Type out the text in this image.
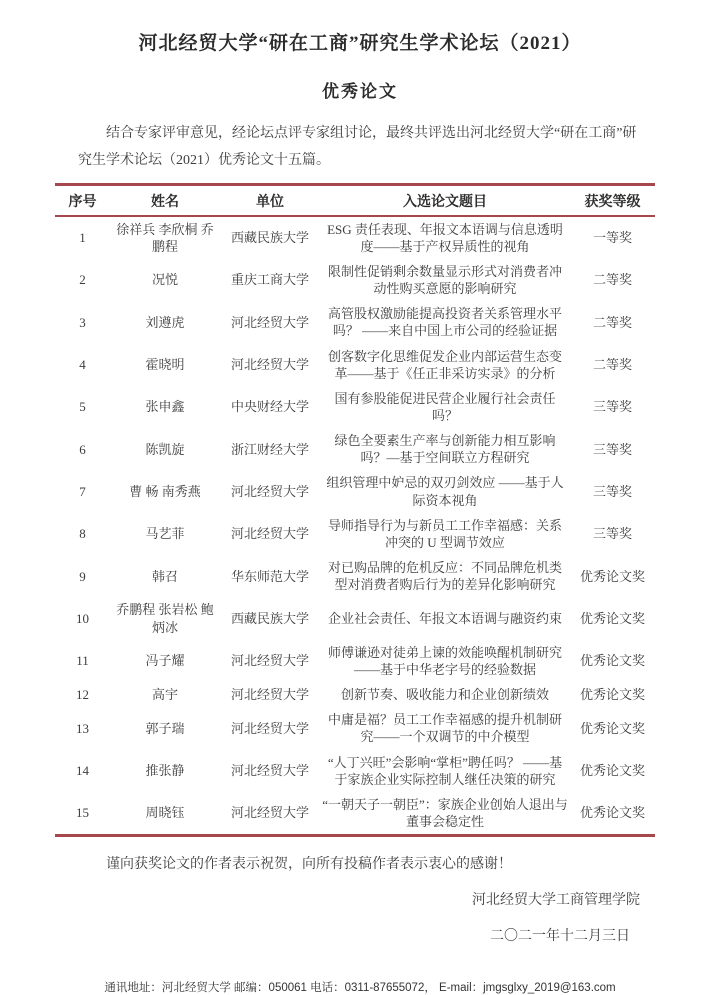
河北经贸大学“研在工商”研究生学术论坛（2021）
优秀论文

结合专家评审意见，经论坛点评专家组讨论，最终共评选出河北经贸大学“研在工商”研究生学术论坛（2021）优秀论文十五篇。

序号	姓名	单位	入选论文题目	获奖等级
1	徐祥兵 李欣桐 乔鹏程	西藏民族大学	ESG 责任表现、年报文本语调与信息透明度——基于产权异质性的视角	一等奖
2	况悦	重庆工商大学	限制性促销剩余数量显示形式对消费者冲动性购买意愿的影响研究	二等奖
3	刘遵虎	河北经贸大学	高管股权激励能提高投资者关系管理水平吗？ ——来自中国上市公司的经验证据	二等奖
4	霍晓明	河北经贸大学	创客数字化思维促发企业内部运营生态变革——基于《任正非采访实录》的分析	二等奖
5	张申鑫	中央财经大学	国有参股能促进民营企业履行社会责任吗？	三等奖
6	陈凯旋	浙江财经大学	绿色全要素生产率与创新能力相互影响吗？—基于空间联立方程研究	三等奖
7	曹 畅 南秀燕	河北经贸大学	组织管理中妒忌的双刃剑效应 ——基于人际资本视角	三等奖
8	马艺菲	河北经贸大学	导师指导行为与新员工工作幸福感：关系冲突的 U 型调节效应	三等奖
9	韩召	华东师范大学	对已购品牌的危机反应：不同品牌危机类型对消费者购后行为的差异化影响研究	优秀论文奖
10	乔鹏程 张岩松 鲍炳冰	西藏民族大学	企业社会责任、年报文本语调与融资约束	优秀论文奖
11	冯子耀	河北经贸大学	师傅谦逊对徒弟上谏的效能唤醒机制研究——基于中华老字号的经验数据	优秀论文奖
12	高宇	河北经贸大学	创新节奏、吸收能力和企业创新绩效	优秀论文奖
13	郭子瑞	河北经贸大学	中庸是福？员工工作幸福感的提升机制研究——一个双调节的中介模型	优秀论文奖
14	推张静	河北经贸大学	“人丁兴旺”会影响“掌柜”聘任吗？ ——基于家族企业实际控制人继任决策的研究	优秀论文奖
15	周晓钰	河北经贸大学	“一朝天子一朝臣”：家族企业创始人退出与董事会稳定性	优秀论文奖

谨向获奖论文的作者表示祝贺，向所有投稿作者表示衷心的感谢！

河北经贸大学工商管理学院

二〇二一年十二月三日

通讯地址：河北经贸大学 邮编：050061 电话：0311-87655072， E-mail：jmgsglxy_2019@163.com
